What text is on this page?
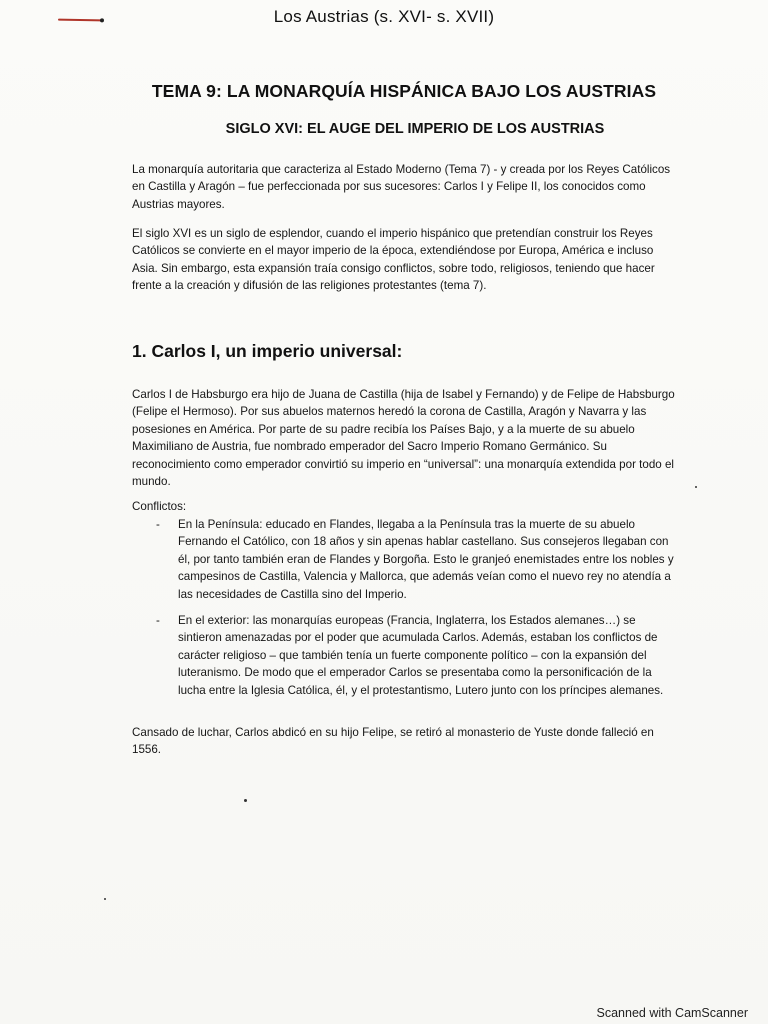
Los Austrias (s. XVI- s. XVII)
TEMA 9: LA MONARQUÍA HISPÁNICA BAJO LOS AUSTRIAS
SIGLO XVI: EL AUGE DEL IMPERIO DE LOS AUSTRIAS

La monarquía autoritaria que caracteriza al Estado Moderno (Tema 7) - y creada por los Reyes Católicos en Castilla y Aragón – fue perfeccionada por sus sucesores: Carlos I y Felipe II, los conocidos como Austrias mayores.

El siglo XVI es un siglo de esplendor, cuando el imperio hispánico que pretendían construir los Reyes Católicos se convierte en el mayor imperio de la época, extendiéndose por Europa, América e incluso Asia. Sin embargo, esta expansión traía consigo conflictos, sobre todo, religiosos, teniendo que hacer frente a la creación y difusión de las religiones protestantes (tema 7).

1. Carlos I, un imperio universal:

Carlos I de Habsburgo era hijo de Juana de Castilla (hija de Isabel y Fernando) y de Felipe de Habsburgo (Felipe el Hermoso). Por sus abuelos maternos heredó la corona de Castilla, Aragón y Navarra y las posesiones en América. Por parte de su padre recibía los Países Bajo, y a la muerte de su abuelo Maximiliano de Austria, fue nombrado emperador del Sacro Imperio Romano Germánico. Su reconocimiento como emperador convirtió su imperio en “universal”: una monarquía extendida por todo el mundo.

Conflictos:
- En la Península: educado en Flandes, llegaba a la Península tras la muerte de su abuelo Fernando el Católico, con 18 años y sin apenas hablar castellano. Sus consejeros llegaban con él, por tanto también eran de Flandes y Borgoña. Esto le granjeó enemistades entre los nobles y campesinos de Castilla, Valencia y Mallorca, que además veían como el nuevo rey no atendía a las necesidades de Castilla sino del Imperio.
- En el exterior: las monarquías europeas (Francia, Inglaterra, los Estados alemanes…) se sintieron amenazadas por el poder que acumulada Carlos. Además, estaban los conflictos de carácter religioso – que también tenía un fuerte componente político – con la expansión del luteranismo. De modo que el emperador Carlos se presentaba como la personificación de la lucha entre la Iglesia Católica, él, y el protestantismo, Lutero junto con los príncipes alemanes.

Cansado de luchar, Carlos abdicó en su hijo Felipe, se retiró al monasterio de Yuste donde falleció en 1556.

Scanned with CamScanner
